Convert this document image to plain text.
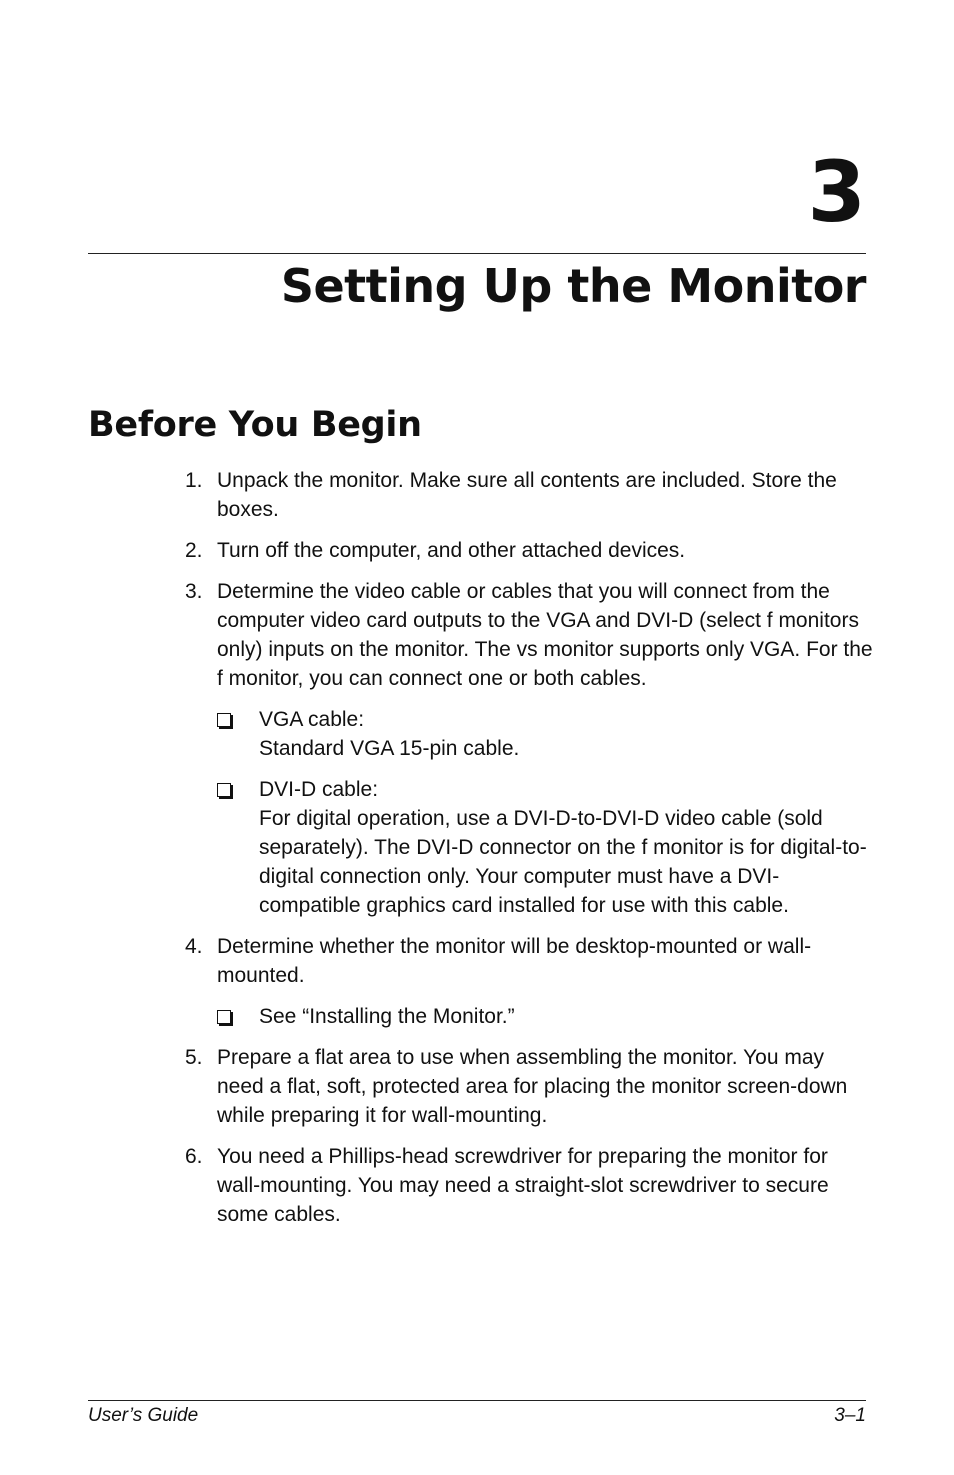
3
Setting Up the Monitor
Before You Begin
1. Unpack the monitor. Make sure all contents are included. Store the boxes.
2. Turn off the computer, and other attached devices.
3. Determine the video cable or cables that you will connect from the computer video card outputs to the VGA and DVI-D (select f monitors only) inputs on the monitor. The vs monitor supports only VGA. For the f monitor, you can connect one or both cables.
VGA cable:
Standard VGA 15-pin cable.
DVI-D cable:
For digital operation, use a DVI-D-to-DVI-D video cable (sold separately). The DVI-D connector on the f monitor is for digital-to-digital connection only. Your computer must have a DVI-compatible graphics card installed for use with this cable.
4. Determine whether the monitor will be desktop-mounted or wall-mounted.
See “Installing the Monitor.”
5. Prepare a flat area to use when assembling the monitor. You may need a flat, soft, protected area for placing the monitor screen-down while preparing it for wall-mounting.
6. You need a Phillips-head screwdriver for preparing the monitor for wall-mounting. You may need a straight-slot screwdriver to secure some cables.
User’s Guide	3–1
